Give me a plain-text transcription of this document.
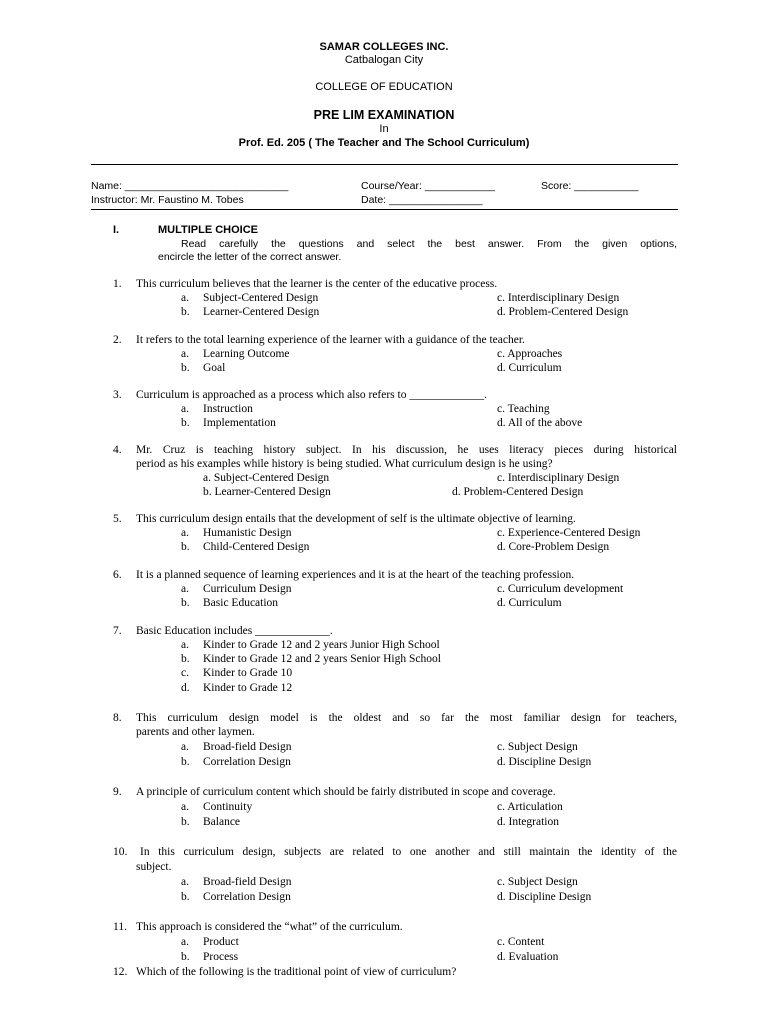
SAMAR COLLEGES INC.
Catbalogan City
COLLEGE OF EDUCATION
PRE LIM EXAMINATION
In
Prof. Ed. 205 ( The Teacher and The School Curriculum)
Name: ____________________________	Course/Year: ____________	Score: ___________
Instructor: Mr. Faustino M. Tobes	Date: ________________
I.	MULTIPLE CHOICE
Read carefully the questions and select the best answer. From the given options,
encircle the letter of the correct answer.
1. This curriculum believes that the learner is the center of the educative process.
a. Subject-Centered Design	c. Interdisciplinary Design
b. Learner-Centered Design	d. Problem-Centered Design
2. It refers to the total learning experience of the learner with a guidance of the teacher.
a. Learning Outcome	c. Approaches
b. Goal	d. Curriculum
3. Curriculum is approached as a process which also refers to _____________.
a. Instruction	c. Teaching
b. Implementation	d. All of the above
4. Mr. Cruz is teaching history subject. In his discussion, he uses literacy pieces during historical
period as his examples while history is being studied. What curriculum design is he using?
a. Subject-Centered Design	c. Interdisciplinary Design
b. Learner-Centered Design	d. Problem-Centered Design
5. This curriculum design entails that the development of self is the ultimate objective of learning.
a. Humanistic Design	c. Experience-Centered Design
b. Child-Centered Design	d. Core-Problem Design
6. It is a planned sequence of learning experiences and it is at the heart of the teaching profession.
a. Curriculum Design	c. Curriculum development
b. Basic Education	d. Curriculum
7. Basic Education includes _____________.
a. Kinder to Grade 12 and 2 years Junior High School
b. Kinder to Grade 12 and 2 years Senior High School
c. Kinder to Grade 10
d. Kinder to Grade 12
8. This curriculum design model is the oldest and so far the most familiar design for teachers,
parents and other laymen.
a. Broad-field Design	c. Subject Design
b. Correlation Design	d. Discipline Design
9. A principle of curriculum content which should be fairly distributed in scope and coverage.
a. Continuity	c. Articulation
b. Balance	d. Integration
10. In this curriculum design, subjects are related to one another and still maintain the identity of the
subject.
a. Broad-field Design	c. Subject Design
b. Correlation Design	d. Discipline Design
11. This approach is considered the “what” of the curriculum.
a. Product	c. Content
b. Process	d. Evaluation
12. Which of the following is the traditional point of view of curriculum?
